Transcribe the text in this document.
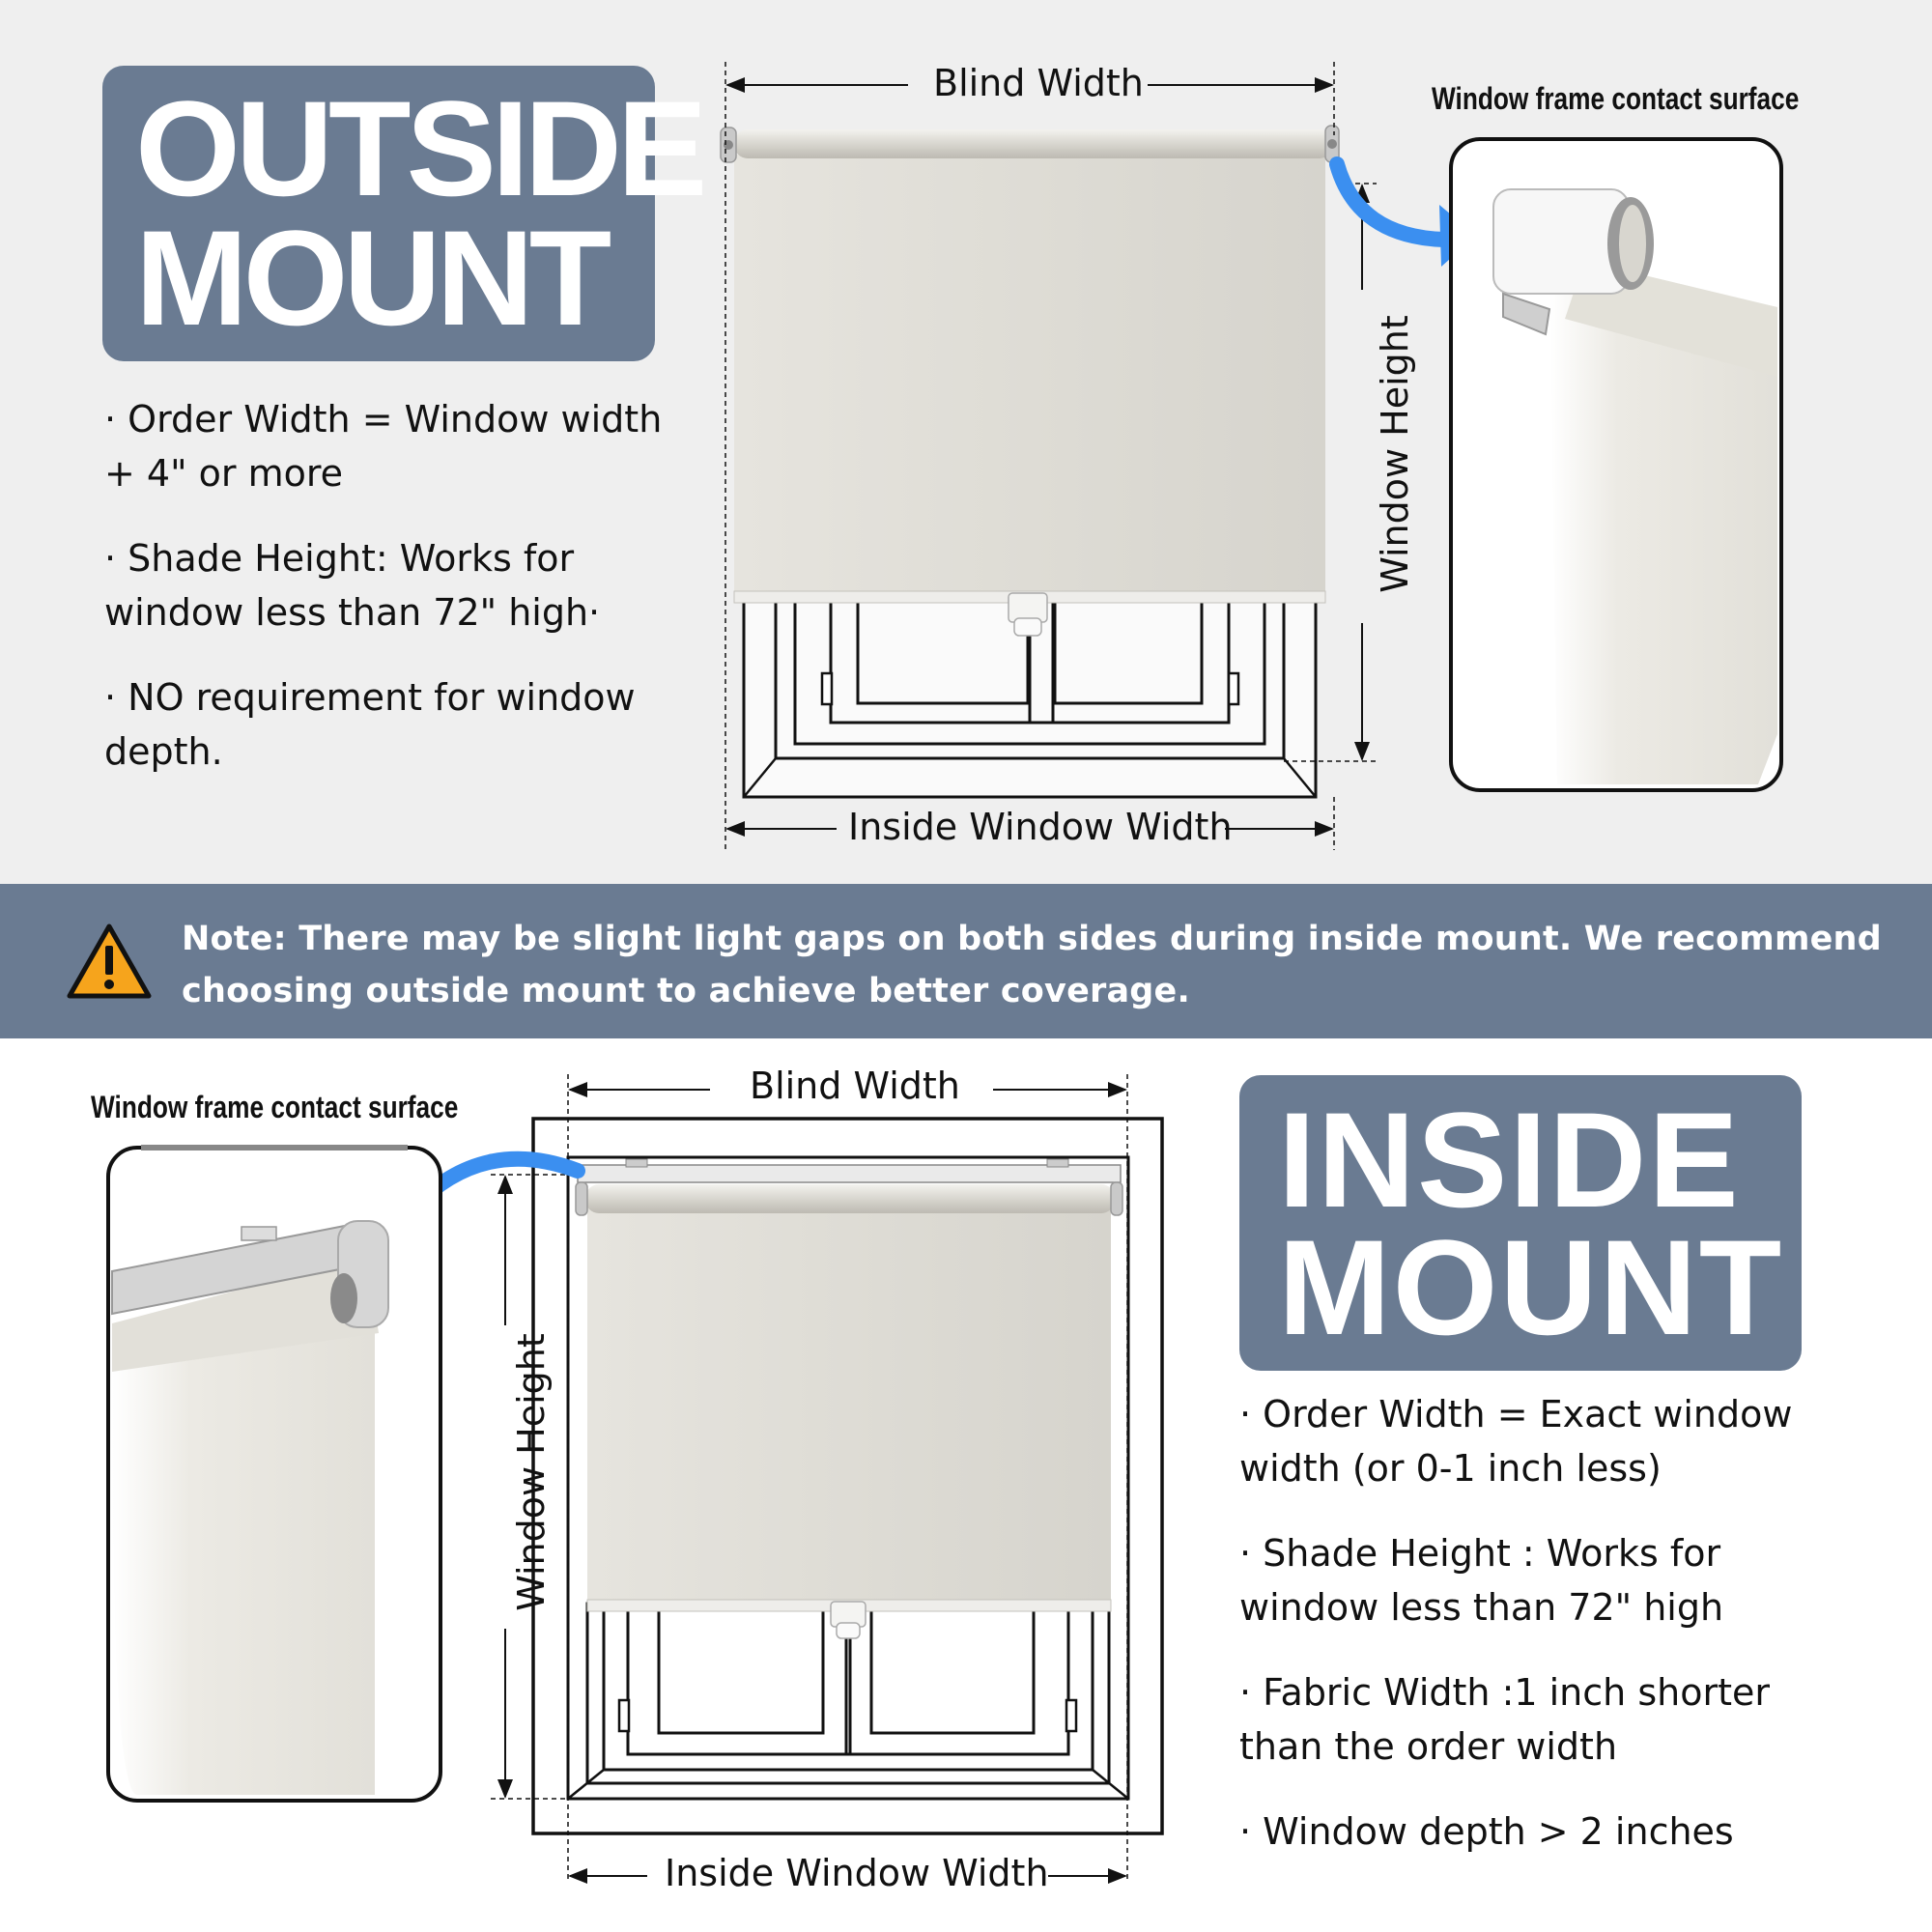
OUTSIDE
MOUNT
· Order Width = Window width
+ 4" or more
· Shade Height: Works for
window less than 72" high·
· NO requirement for window
depth.
Blind Width
Inside Window Width
Window Height
Window frame contact surface
Note: There may be slight light gaps on both sides during inside mount. We recommend choosing outside mount to achieve better coverage.
INSIDE
MOUNT
· Order Width = Exact window
width (or 0-1 inch less)
· Shade Height : Works for
window less than 72" high
· Fabric Width :1 inch shorter
than the order width
· Window depth > 2 inches
Blind Width
Inside Window Width
Window Height
Window frame contact surface
